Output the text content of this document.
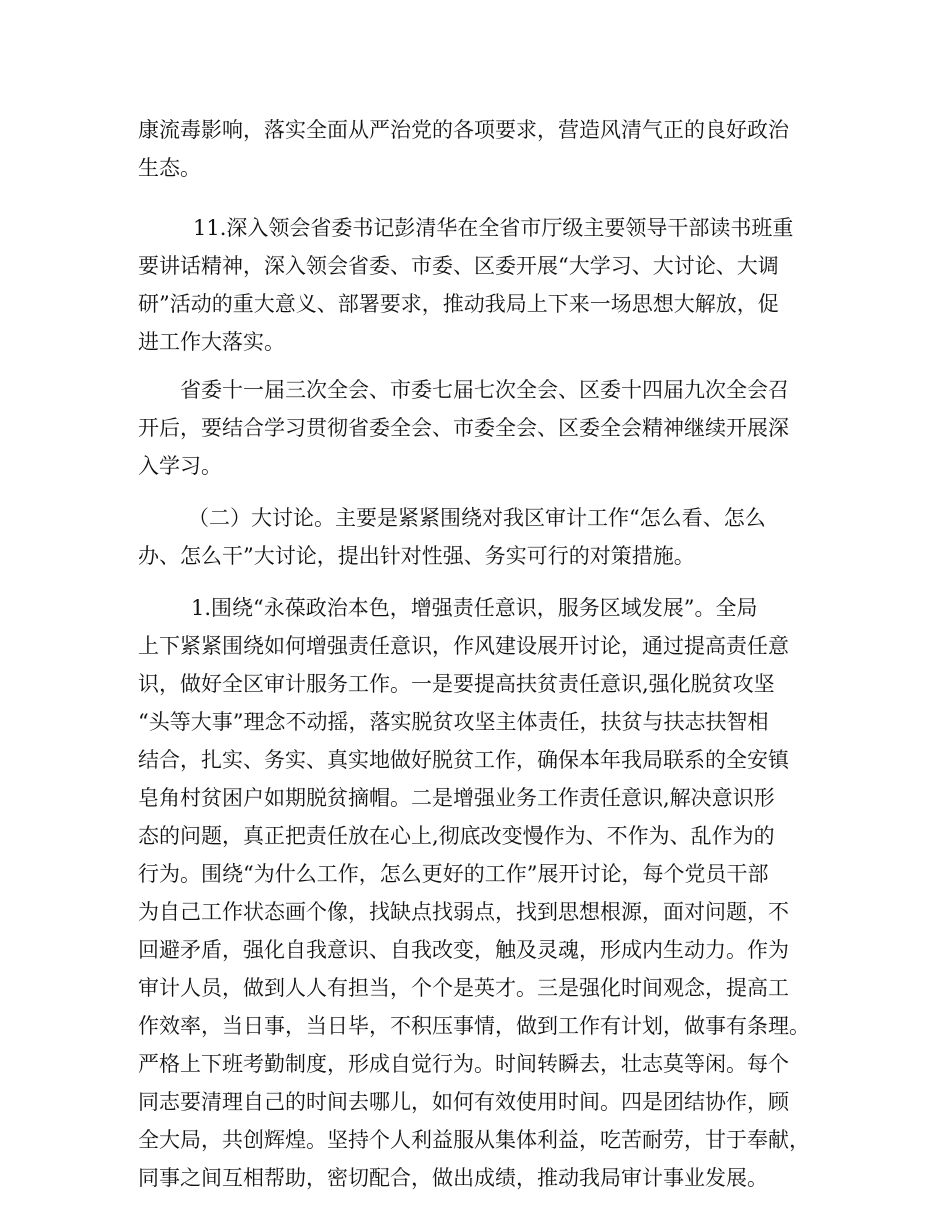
康流毒影响，落实全面从严治党的各项要求，营造风清气正的良好政治
生态。
11.深入领会省委书记彭清华在全省市厅级主要领导干部读书班重
要讲话精神，深入领会省委、市委、区委开展“大学习、大讨论、大调
研”活动的重大意义、部署要求，推动我局上下来一场思想大解放，促
进工作大落实。
省委十一届三次全会、市委七届七次全会、区委十四届九次全会召
开后，要结合学习贯彻省委全会、市委全会、区委全会精神继续开展深
入学习。
（二）大讨论。主要是紧紧围绕对我区审计工作“怎么看、怎么
办、怎么干”大讨论，提出针对性强、务实可行的对策措施。
1.围绕“永葆政治本色，增强责任意识，服务区域发展”。全局
上下紧紧围绕如何增强责任意识，作风建设展开讨论，通过提高责任意
识，做好全区审计服务工作。一是要提高扶贫责任意识,强化脱贫攻坚
“头等大事”理念不动摇，落实脱贫攻坚主体责任，扶贫与扶志扶智相
结合，扎实、务实、真实地做好脱贫工作，确保本年我局联系的全安镇
皂角村贫困户如期脱贫摘帽。二是增强业务工作责任意识,解决意识形
态的问题，真正把责任放在心上,彻底改变慢作为、不作为、乱作为的
行为。围绕“为什么工作，怎么更好的工作”展开讨论，每个党员干部
为自己工作状态画个像，找缺点找弱点，找到思想根源，面对问题，不
回避矛盾，强化自我意识、自我改变，触及灵魂，形成内生动力。作为
审计人员，做到人人有担当，个个是英才。三是强化时间观念，提高工
作效率，当日事，当日毕，不积压事情，做到工作有计划，做事有条理。
严格上下班考勤制度，形成自觉行为。时间转瞬去，壮志莫等闲。每个
同志要清理自己的时间去哪儿，如何有效使用时间。四是团结协作，顾
全大局，共创辉煌。坚持个人利益服从集体利益，吃苦耐劳，甘于奉献，
同事之间互相帮助，密切配合，做出成绩，推动我局审计事业发展。
